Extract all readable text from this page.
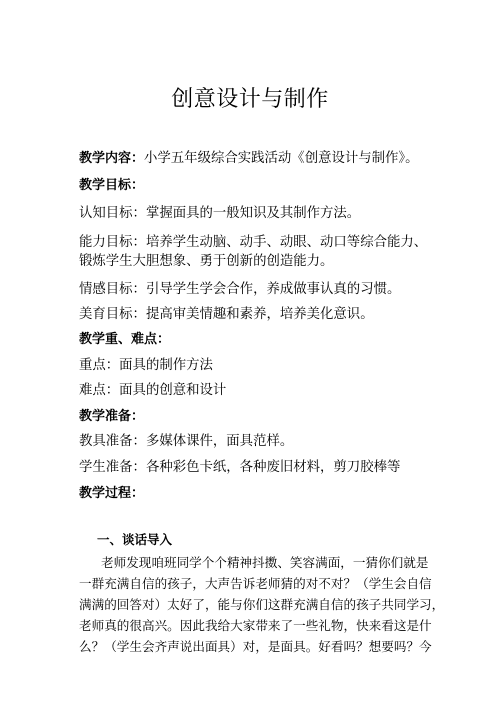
创意设计与制作
教学内容：小学五年级综合实践活动《创意设计与制作》。
教学目标：
认知目标：掌握面具的一般知识及其制作方法。
能力目标：培养学生动脑、动手、动眼、动口等综合能力、
锻炼学生大胆想象、勇于创新的创造能力。
情感目标：引导学生学会合作，养成做事认真的习惯。
美育目标：提高审美情趣和素养，培养美化意识。
教学重、难点：
重点：面具的制作方法
难点：面具的创意和设计
教学准备：
教具准备：多媒体课件，面具范样。
学生准备：各种彩色卡纸，各种废旧材料，剪刀胶棒等
教学过程：
一、谈话导入
老师发现咱班同学个个精神抖擞、笑容满面，一猜你们就是
一群充满自信的孩子，大声告诉老师猜的对不对？（学生会自信
满满的回答对）太好了，能与你们这群充满自信的孩子共同学习，
老师真的很高兴。因此我给大家带来了一些礼物，快来看这是什
么？（学生会齐声说出面具）对，是面具。好看吗？想要吗？今
